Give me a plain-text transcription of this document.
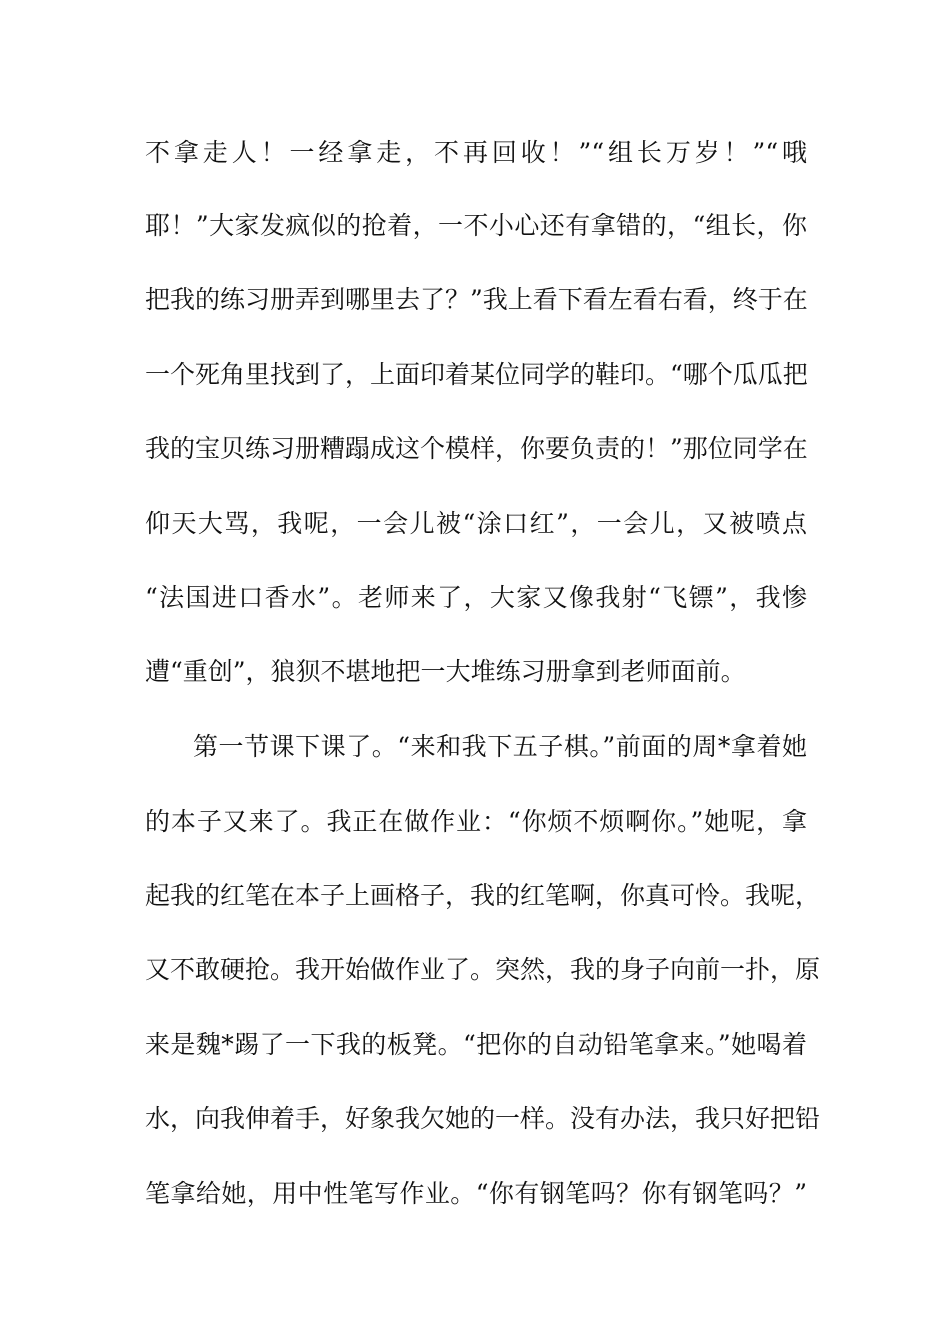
不拿走人！一经拿走，不再回收！”“组长万岁！”“哦
耶！”大家发疯似的抢着，一不小心还有拿错的，“组长，你
把我的练习册弄到哪里去了？”我上看下看左看右看，终于在
一个死角里找到了，上面印着某位同学的鞋印。“哪个瓜瓜把
我的宝贝练习册糟蹋成这个模样，你要负责的！”那位同学在
仰天大骂，我呢，一会儿被“涂口红”，一会儿，又被喷点
“法国进口香水”。老师来了，大家又像我射“飞镖”，我惨
遭“重创”，狼狈不堪地把一大堆练习册拿到老师面前。
第一节课下课了。“来和我下五子棋。”前面的周*拿着她
的本子又来了。我正在做作业：“你烦不烦啊你。”她呢，拿
起我的红笔在本子上画格子，我的红笔啊，你真可怜。我呢，
又不敢硬抢。我开始做作业了。突然，我的身子向前一扑，原
来是魏*踢了一下我的板凳。“把你的自动铅笔拿来。”她喝着
水，向我伸着手，好象我欠她的一样。没有办法，我只好把铅
笔拿给她，用中性笔写作业。“你有钢笔吗？你有钢笔吗？”
